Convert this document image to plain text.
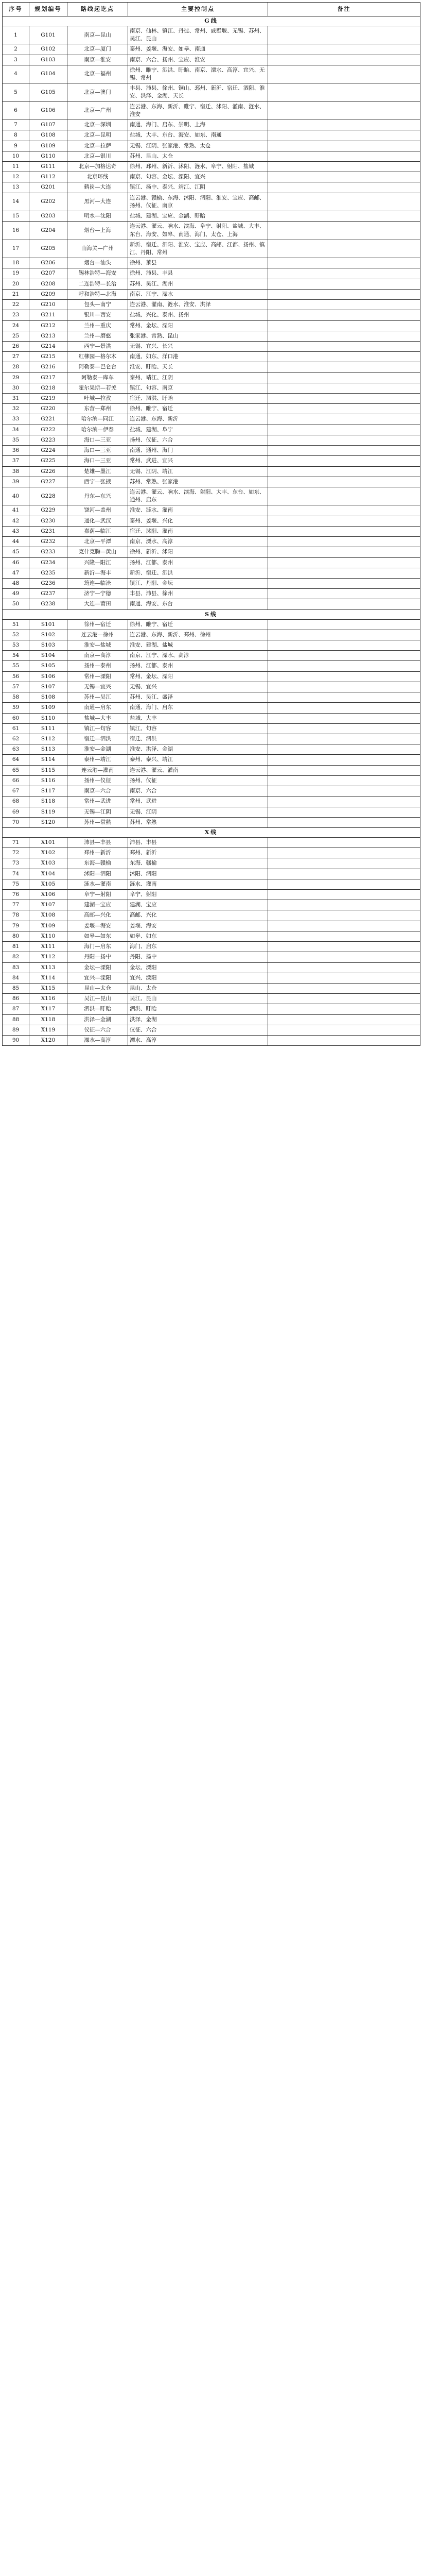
序号	规划编号	路线起讫点	主要控制点	备注
G线				
1	G101	南京—昆山	南京、仙林、镇江、丹徒、常州、戚墅堰、无锡、苏州、吴江、昆山	
2	G102	北京—厦门	泰州、姜堰、海安、如皋、南通	
3	G103	南京—淮安	南京、六合、扬州、宝应、淮安	
4	G104	北京—福州	徐州、睢宁、泗洪、盱眙、南京、溧水、高淳、宜兴、无锡、常州	
5	G105	北京—澳门	丰县、沛县、徐州、铜山、邳州、新沂、宿迁、泗阳、淮安、洪泽、金湖、天长	
6	G106	北京—广州	连云港、东海、新沂、睢宁、宿迁、沭阳、灌南、涟水、淮安	
7	G107	北京—深圳	南通、海门、启东、崇明、上海	
8	G108	北京—昆明	盐城、大丰、东台、海安、如东、南通	
9	G109	北京—拉萨	无锡、江阴、张家港、常熟、太仓	
10	G110	北京—银川	苏州、昆山、太仓	
11	G111	北京—加格达奇	徐州、邳州、新沂、沭阳、涟水、阜宁、射阳、盐城	
12	G112	北京环线	南京、句容、金坛、溧阳、宜兴	
13	G201	鹤岗—大连	镇江、扬中、泰兴、靖江、江阴	
14	G202	黑河—大连	连云港、赣榆、东海、沭阳、泗阳、淮安、宝应、高邮、扬州、仪征、南京	
15	G203	明水—沈阳	盐城、建湖、宝应、金湖、盱眙	
16	G204	烟台—上海	连云港、灌云、响水、滨海、阜宁、射阳、盐城、大丰、东台、海安、如皋、南通、海门、太仓、上海	
17	G205	山海关—广州	新沂、宿迁、泗阳、淮安、宝应、高邮、江都、扬州、镇江、丹阳、常州	
18	G206	烟台—汕头	徐州、萧县	
19	G207	锡林浩特—海安	徐州、沛县、丰县	
20	G208	二连浩特—长治	苏州、吴江、湖州	
21	G209	呼和浩特—北海	南京、江宁、溧水	
22	G210	包头—南宁	连云港、灌南、涟水、淮安、洪泽	
23	G211	银川—西安	盐城、兴化、泰州、扬州	
24	G212	兰州—重庆	常州、金坛、溧阳	
25	G213	兰州—磨憨	张家港、常熟、昆山	
26	G214	西宁—景洪	无锡、宜兴、长兴	
27	G215	红柳园—格尔木	南通、如东、洋口港	
28	G216	阿勒泰—巴仑台	淮安、盱眙、天长	
29	G217	阿勒泰—库车	泰州、靖江、江阴	
30	G218	霍尔果斯—若羌	镇江、句容、南京	
31	G219	叶城—拉孜	宿迁、泗洪、盱眙	
32	G220	东营—郑州	徐州、睢宁、宿迁	
33	G221	哈尔滨—同江	连云港、东海、新沂	
34	G222	哈尔滨—伊春	盐城、建湖、阜宁	
35	G223	海口—三亚	扬州、仪征、六合	
36	G224	海口—三亚	南通、通州、海门	
37	G225	海口—三亚	常州、武进、宜兴	
38	G226	楚雄—墨江	无锡、江阴、靖江	
39	G227	西宁—张掖	苏州、常熟、张家港	
40	G228	丹东—东兴	连云港、灌云、响水、滨海、射阳、大丰、东台、如东、通州、启东	
41	G229	饶河—盖州	淮安、涟水、灌南	
42	G230	通化—武汉	泰州、姜堰、兴化	
43	G231	嘉荫—临江	宿迁、沭阳、灌南	
44	G232	北京—平潭	南京、溧水、高淳	
45	G233	克什克腾—黄山	徐州、新沂、沭阳	
46	G234	兴隆—阳江	扬州、江都、泰州	
47	G235	新沂—海丰	新沂、宿迁、泗洪	
48	G236	筠连—临沧	镇江、丹阳、金坛	
49	G237	济宁—宁德	丰县、沛县、徐州	
50	G238	大连—莆田	南通、海安、东台	
S线				
51	S101	徐州—宿迁	徐州、睢宁、宿迁	
52	S102	连云港—徐州	连云港、东海、新沂、邳州、徐州	
53	S103	淮安—盐城	淮安、建湖、盐城	
54	S104	南京—高淳	南京、江宁、溧水、高淳	
55	S105	扬州—泰州	扬州、江都、泰州	
56	S106	常州—溧阳	常州、金坛、溧阳	
57	S107	无锡—宜兴	无锡、宜兴	
58	S108	苏州—吴江	苏州、吴江、盛泽	
59	S109	南通—启东	南通、海门、启东	
60	S110	盐城—大丰	盐城、大丰	
61	S111	镇江—句容	镇江、句容	
62	S112	宿迁—泗洪	宿迁、泗洪	
63	S113	淮安—金湖	淮安、洪泽、金湖	
64	S114	泰州—靖江	泰州、泰兴、靖江	
65	S115	连云港—灌南	连云港、灌云、灌南	
66	S116	扬州—仪征	扬州、仪征	
67	S117	南京—六合	南京、六合	
68	S118	常州—武进	常州、武进	
69	S119	无锡—江阴	无锡、江阴	
70	S120	苏州—常熟	苏州、常熟	
X线				
71	X101	沛县—丰县	沛县、丰县	
72	X102	邳州—新沂	邳州、新沂	
73	X103	东海—赣榆	东海、赣榆	
74	X104	沭阳—泗阳	沭阳、泗阳	
75	X105	涟水—灌南	涟水、灌南	
76	X106	阜宁—射阳	阜宁、射阳	
77	X107	建湖—宝应	建湖、宝应	
78	X108	高邮—兴化	高邮、兴化	
79	X109	姜堰—海安	姜堰、海安	
80	X110	如皋—如东	如皋、如东	
81	X111	海门—启东	海门、启东	
82	X112	丹阳—扬中	丹阳、扬中	
83	X113	金坛—溧阳	金坛、溧阳	
84	X114	宜兴—溧阳	宜兴、溧阳	
85	X115	昆山—太仓	昆山、太仓	
86	X116	吴江—昆山	吴江、昆山	
87	X117	泗洪—盱眙	泗洪、盱眙	
88	X118	洪泽—金湖	洪泽、金湖	
89	X119	仪征—六合	仪征、六合	
90	X120	溧水—高淳	溧水、高淳	
